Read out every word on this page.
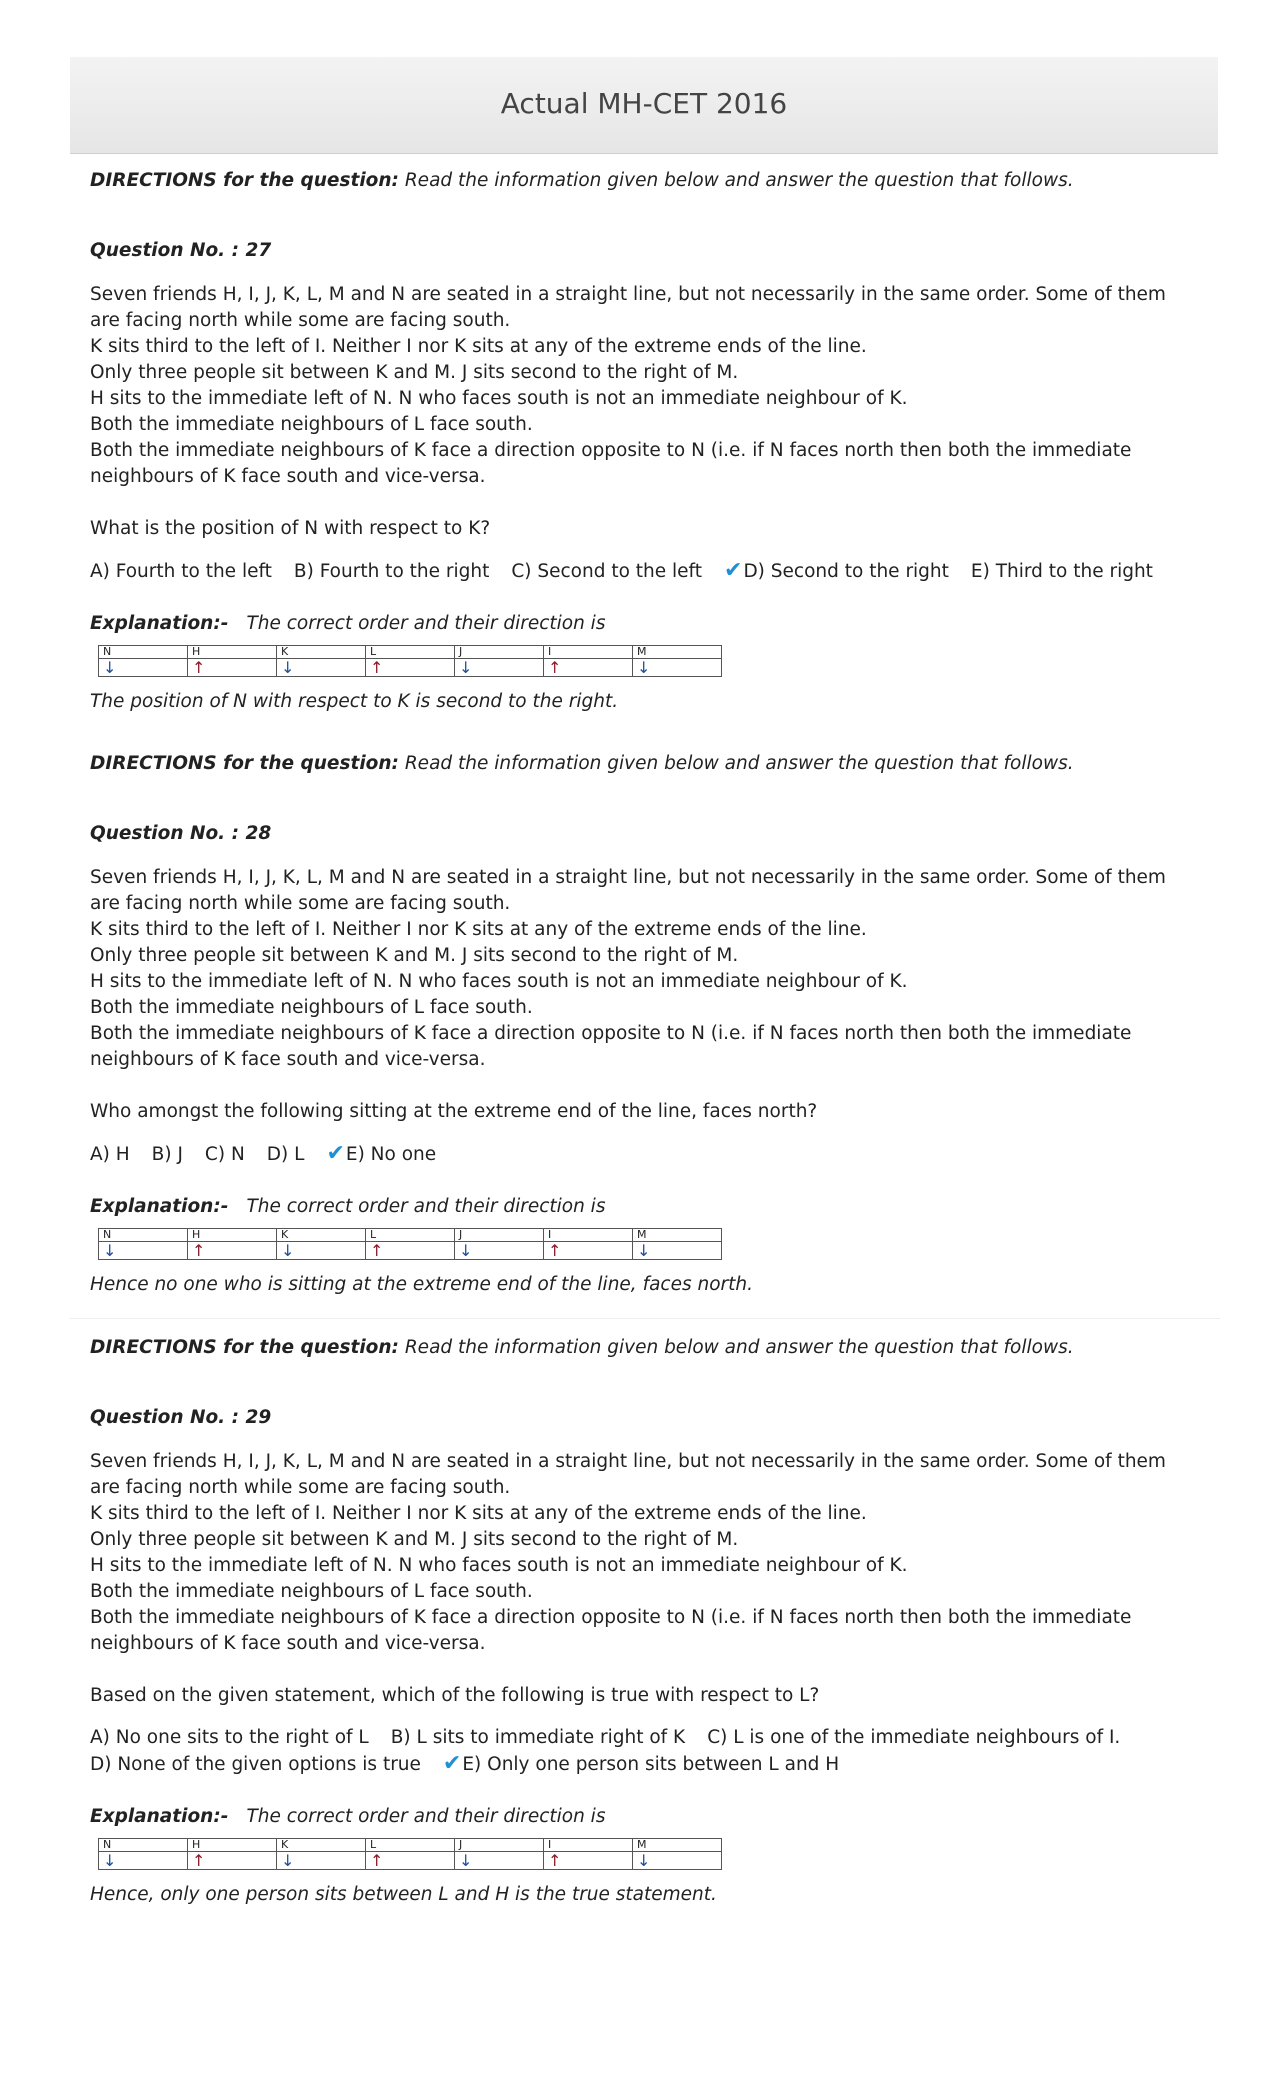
Actual MH-CET 2016

DIRECTIONS for the question: Read the information given below and answer the question that follows.

Question No. : 27

Seven friends H, I, J, K, L, M and N are seated in a straight line, but not necessarily in the same order. Some of them are facing north while some are facing south.

K sits third to the left of I. Neither I nor K sits at any of the extreme ends of the line.

Only three people sit between K and M. J sits second to the right of M.

H sits to the immediate left of N. N who faces south is not an immediate neighbour of K.

Both the immediate neighbours of L face south.

Both the immediate neighbours of K face a direction opposite to N (i.e. if N faces north then both the immediate neighbours of K face south and vice-versa.

What is the position of N with respect to K?

A) Fourth to the left B) Fourth to the right C) Second to the left ✔D) Second to the right E) Third to the right

Explanation:- The correct order and their direction is

N	H	K	L	J	I	M
↓	↑	↓	↑	↓	↑	↓

The position of N with respect to K is second to the right.

DIRECTIONS for the question: Read the information given below and answer the question that follows.

Question No. : 28

Seven friends H, I, J, K, L, M and N are seated in a straight line, but not necessarily in the same order. Some of them are facing north while some are facing south.

K sits third to the left of I. Neither I nor K sits at any of the extreme ends of the line.

Only three people sit between K and M. J sits second to the right of M.

H sits to the immediate left of N. N who faces south is not an immediate neighbour of K.

Both the immediate neighbours of L face south.

Both the immediate neighbours of K face a direction opposite to N (i.e. if N faces north then both the immediate neighbours of K face south and vice-versa.

Who amongst the following sitting at the extreme end of the line, faces north?

A) H B) J C) N D) L ✔E) No one

Explanation:- The correct order and their direction is

N	H	K	L	J	I	M
↓	↑	↓	↑	↓	↑	↓

Hence no one who is sitting at the extreme end of the line, faces north.

DIRECTIONS for the question: Read the information given below and answer the question that follows.

Question No. : 29

Seven friends H, I, J, K, L, M and N are seated in a straight line, but not necessarily in the same order. Some of them are facing north while some are facing south.

K sits third to the left of I. Neither I nor K sits at any of the extreme ends of the line.

Only three people sit between K and M. J sits second to the right of M.

H sits to the immediate left of N. N who faces south is not an immediate neighbour of K.

Both the immediate neighbours of L face south.

Both the immediate neighbours of K face a direction opposite to N (i.e. if N faces north then both the immediate neighbours of K face south and vice-versa.

Based on the given statement, which of the following is true with respect to L?

A) No one sits to the right of L B) L sits to immediate right of K C) L is one of the immediate neighbours of I.
D) None of the given options is true ✔E) Only one person sits between L and H

Explanation:- The correct order and their direction is

N	H	K	L	J	I	M
↓	↑	↓	↑	↓	↑	↓

Hence, only one person sits between L and H is the true statement.
